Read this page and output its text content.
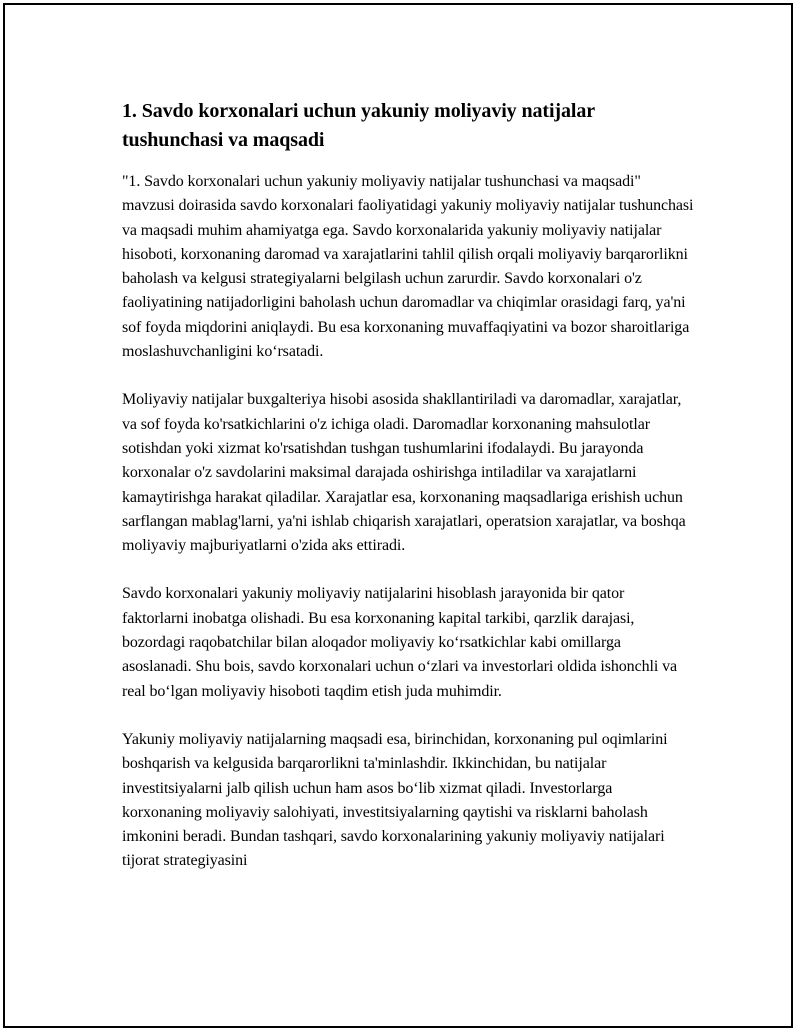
1. Savdo korxonalari uchun yakuniy moliyaviy natijalar tushunchasi va maqsadi

"1. Savdo korxonalari uchun yakuniy moliyaviy natijalar tushunchasi va maqsadi" mavzusi doirasida savdo korxonalari faoliyatidagi yakuniy moliyaviy natijalar tushunchasi va maqsadi muhim ahamiyatga ega. Savdo korxonalarida yakuniy moliyaviy natijalar hisoboti, korxonaning daromad va xarajatlarini tahlil qilish orqali moliyaviy barqarorlikni baholash va kelgusi strategiyalarni belgilash uchun zarurdir. Savdo korxonalari o'z faoliyatining natijadorligini baholash uchun daromadlar va chiqimlar orasidagi farq, ya'ni sof foyda miqdorini aniqlaydi. Bu esa korxonaning muvaffaqiyatini va bozor sharoitlariga moslashuvchanligini ko‘rsatadi.

Moliyaviy natijalar buxgalteriya hisobi asosida shakllantiriladi va daromadlar, xarajatlar, va sof foyda ko'rsatkichlarini o'z ichiga oladi. Daromadlar korxonaning mahsulotlar sotishdan yoki xizmat ko'rsatishdan tushgan tushumlarini ifodalaydi. Bu jarayonda korxonalar o'z savdolarini maksimal darajada oshirishga intiladilar va xarajatlarni kamaytirishga harakat qiladilar. Xarajatlar esa, korxonaning maqsadlariga erishish uchun sarflangan mablag'larni, ya'ni ishlab chiqarish xarajatlari, operatsion xarajatlar, va boshqa moliyaviy majburiyatlarni o'zida aks ettiradi.

Savdo korxonalari yakuniy moliyaviy natijalarini hisoblash jarayonida bir qator faktorlarni inobatga olishadi. Bu esa korxonaning kapital tarkibi, qarzlik darajasi, bozordagi raqobatchilar bilan aloqador moliyaviy ko‘rsatkichlar kabi omillarga asoslanadi. Shu bois, savdo korxonalari uchun o‘zlari va investorlari oldida ishonchli va real bo‘lgan moliyaviy hisoboti taqdim etish juda muhimdir.

Yakuniy moliyaviy natijalarning maqsadi esa, birinchidan, korxonaning pul oqimlarini boshqarish va kelgusida barqarorlikni ta'minlashdir. Ikkinchidan, bu natijalar investitsiyalarni jalb qilish uchun ham asos bo‘lib xizmat qiladi. Investorlarga korxonaning moliyaviy salohiyati, investitsiyalarning qaytishi va risklarni baholash imkonini beradi. Bundan tashqari, savdo korxonalarining yakuniy moliyaviy natijalari tijorat strategiyasini
